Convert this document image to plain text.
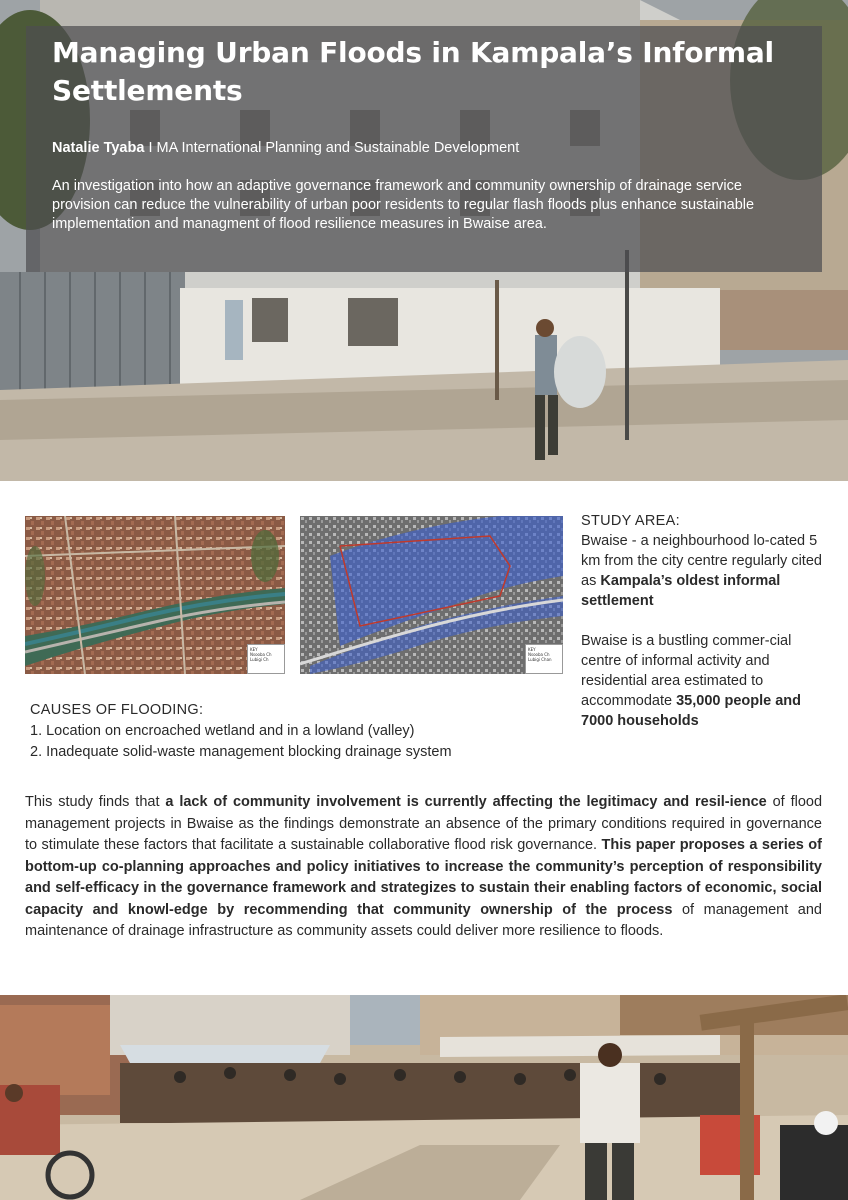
Managing Urban Floods in Kampala’s Informal Settlements
Natalie Tyaba I MA International Planning and Sustainable Development

An investigation into how an adaptive governance framework and community ownership of drainage service provision can reduce the vulnerability of urban poor residents to regular flash floods plus enhance sustainable implementation and managment of flood resilience measures in Bwaise area.

KEY
Nsooba Ch
Lubigi Ch
KEY
Nsooba Ch
Lubigi Chan
STUDY AREA:

Bwaise - a neighbourhood lo-cated 5 km from the city centre regularly cited as Kampala’s oldest informal settlement

Bwaise is a bustling commer-cial centre of informal activity and residential area estimated to accommodate 35,000 people and 7000 households

CAUSES OF FLOODING:
1. Location on encroached wetland and in a lowland (valley)
2. Inadequate solid-waste management blocking drainage system

This study finds that a lack of community involvement is currently affecting the legitimacy and resil-ience of flood management projects in Bwaise as the findings demonstrate an absence of the primary conditions required in governance to stimulate these factors that facilitate a sustainable collaborative flood risk governance. This paper proposes a series of bottom-up co-planning approaches and policy initiatives to increase the community’s perception of responsibility and self-efficacy in the governance framework and strategizes to sustain their enabling factors of economic, social capacity and knowl-edge by recommending that community ownership of the process of management and maintenance of drainage infrastructure as community assets could deliver more resilience to floods.
